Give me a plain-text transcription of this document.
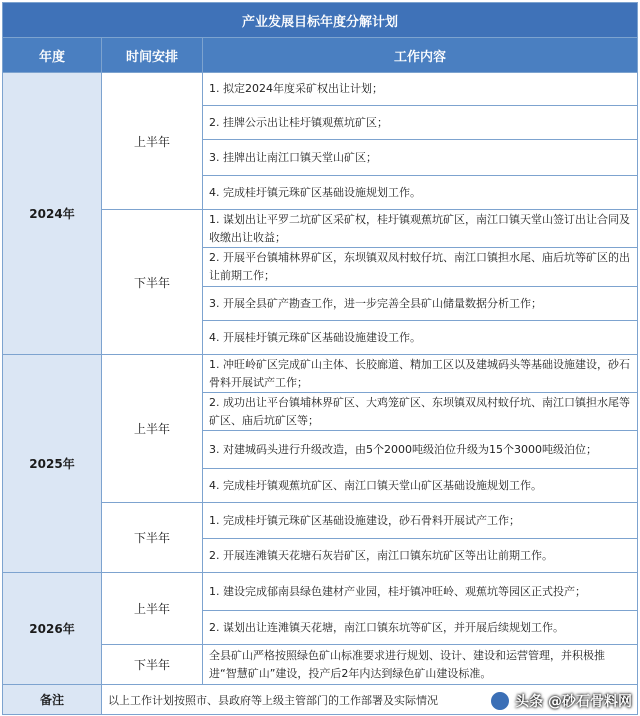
产业发展目标年度分解计划		
年度	时间安排	工作内容
2024年	上半年	1. 拟定2024年度采矿权出让计划；
		2. 挂牌公示出让桂圩镇观蕉坑矿区；
		3. 挂牌出让南江口镇天堂山矿区；
		4. 完成桂圩镇元珠矿区基础设施规划工作。
	下半年	1. 谋划出让平罗二坑矿区采矿权，桂圩镇观蕉坑矿区，南江口镇天堂山签订出让合同及收缴出让收益；
		2. 开展平台镇埔林界矿区，东坝镇双凤村蚊仔坑、南江口镇担水尾、庙后坑等矿区的出让前期工作；
		3. 开展全县矿产勘查工作，进一步完善全县矿山储量数据分析工作；
		4. 开展桂圩镇元珠矿区基础设施建设工作。
2025年	上半年	1. 冲旺岭矿区完成矿山主体、长胶廊道、精加工区以及建城码头等基础设施建设，砂石骨料开展试产工作；
		2. 成功出让平台镇埔林界矿区、大鸡笼矿区、东坝镇双凤村蚊仔坑、南江口镇担水尾等矿区、庙后坑矿区等；
		3. 对建城码头进行升级改造，由5个2000吨级泊位升级为15个3000吨级泊位；
		4. 完成桂圩镇观蕉坑矿区、南江口镇天堂山矿区基础设施规划工作。
	下半年	1. 完成桂圩镇元珠矿区基础设施建设，砂石骨料开展试产工作；
		2. 开展连滩镇天花塘石灰岩矿区，南江口镇东坑矿区等出让前期工作。
2026年	上半年	1. 建设完成郁南县绿色建材产业园，桂圩镇冲旺岭、观蕉坑等园区正式投产；
		2. 谋划出让连滩镇天花塘，南江口镇东坑等矿区，并开展后续规划工作。
	下半年	全县矿山严格按照绿色矿山标准要求进行规划、设计、建设和运营管理，并积极推进“智慧矿山”建设，投产后2年内达到绿色矿山建设标准。
备注	以上工作计划按照市、县政府等上级主管部门的工作部署及实际情况		头条 @砂石骨料网
